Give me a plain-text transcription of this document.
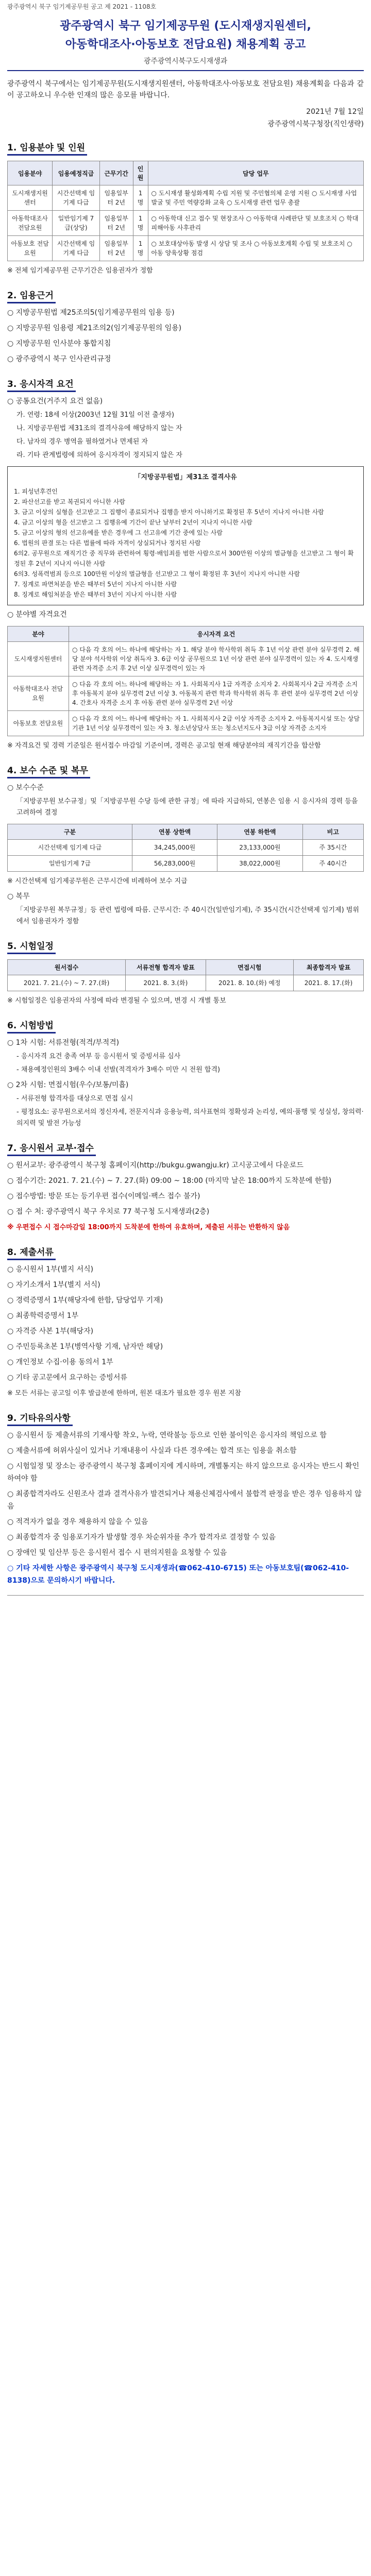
광주광역시 북구 임기제공무원 공고 제 2021 - 1108호
광주광역시 북구 임기제공무원 (도시재생지원센터,
아동학대조사·아동보호 전담요원) 채용계획 공고
광주광역시북구도시재생과
광주광역시 북구에서는 임기제공무원(도시재생지원센터, 아동학대조사·아동보호 전담요원) 채용계획을 다음과 같이 공고하오니 우수한 인재의 많은 응모를 바랍니다.
2021년 7월 12일
광주광역시북구청장(직인생략)
1. 임용분야 및 인원
임용분야	임용예정직급	근무기간	인원	담당 업무
도시재생지원센터	시간선택제 임기제 다급	임용일부터 2년	1명	○ 도시재생 활성화계획 수립 지원 및 주민협의체 운영 지원 ○ 도시재생 사업 발굴 및 주민 역량강화 교육 ○ 도시재생 관련 업무 총괄
아동학대조사 전담요원	일반임기제 7급(상당)	임용일부터 2년	1명	○ 아동학대 신고 접수 및 현장조사 ○ 아동학대 사례판단 및 보호조치 ○ 학대피해아동 사후관리
아동보호 전담요원	시간선택제 임기제 다급	임용일부터 2년	1명	○ 보호대상아동 발생 시 상담 및 조사 ○ 아동보호계획 수립 및 보호조치 ○ 아동 양육상황 점검
※ 전체 임기제공무원 근무기간은 임용권자가 정함
2. 임용근거
○ 지방공무원법 제25조의5(임기제공무원의 임용 등)
○ 지방공무원 임용령 제21조의2(임기제공무원의 임용)
○ 지방공무원 인사분야 통합지침
○ 광주광역시 북구 인사관리규정
3. 응시자격 요건
○ 공통요건(거주지 요건 없음)
가. 연령: 18세 이상(2003년 12월 31일 이전 출생자)
나. 지방공무원법 제31조의 결격사유에 해당하지 않는 자
다. 남자의 경우 병역을 필하였거나 면제된 자
라. 기타 관계법령에 의하여 응시자격이 정지되지 않은 자
「지방공무원법」제31조 결격사유
1. 피성년후견인
2. 파산선고를 받고 복권되지 아니한 사람
3. 금고 이상의 실형을 선고받고 그 집행이 종료되거나 집행을 받지 아니하기로 확정된 후 5년이 지나지 아니한 사람
4. 금고 이상의 형을 선고받고 그 집행유예 기간이 끝난 날부터 2년이 지나지 아니한 사람
5. 금고 이상의 형의 선고유예를 받은 경우에 그 선고유예 기간 중에 있는 사람
6. 법원의 판결 또는 다른 법률에 따라 자격이 상실되거나 정지된 사람
6의2. 공무원으로 재직기간 중 직무와 관련하여 횡령·배임죄를 범한 사람으로서 300만원 이상의 벌금형을 선고받고 그 형이 확정된 후 2년이 지나지 아니한 사람
6의3. 성폭력범죄 등으로 100만원 이상의 벌금형을 선고받고 그 형이 확정된 후 3년이 지나지 아니한 사람
7. 징계로 파면처분을 받은 때부터 5년이 지나지 아니한 사람
8. 징계로 해임처분을 받은 때부터 3년이 지나지 아니한 사람
○ 분야별 자격요건
분야	응시자격 요건
도시재생지원센터	○ 다음 각 호의 어느 하나에 해당하는 자 1. 해당 분야 학사학위 취득 후 1년 이상 관련 분야 실무경력 2. 해당 분야 석사학위 이상 취득자 3. 6급 이상 공무원으로 1년 이상 관련 분야 실무경력이 있는 자 4. 도시재생 관련 자격증 소지 후 2년 이상 실무경력이 있는 자
아동학대조사 전담요원	○ 다음 각 호의 어느 하나에 해당하는 자 1. 사회복지사 1급 자격증 소지자 2. 사회복지사 2급 자격증 소지 후 아동복지 분야 실무경력 2년 이상 3. 아동복지 관련 학과 학사학위 취득 후 관련 분야 실무경력 2년 이상 4. 간호사 자격증 소지 후 아동 관련 분야 실무경력 2년 이상
아동보호 전담요원	○ 다음 각 호의 어느 하나에 해당하는 자 1. 사회복지사 2급 이상 자격증 소지자 2. 아동복지시설 또는 상담기관 1년 이상 실무경력이 있는 자 3. 청소년상담사 또는 청소년지도사 3급 이상 자격증 소지자
※ 자격요건 및 경력 기준일은 원서접수 마감일 기준이며, 경력은 공고일 현재 해당분야의 재직기간을 합산함
4. 보수 수준 및 복무
○ 보수수준
「지방공무원 보수규정」및「지방공무원 수당 등에 관한 규정」에 따라 지급하되, 연봉은 임용 시 응시자의 경력 등을 고려하여 결정
구분	연봉 상한액	연봉 하한액	비고
시간선택제 임기제 다급	34,245,000원	23,133,000원	주 35시간
일반임기제 7급	56,283,000원	38,022,000원	주 40시간
※ 시간선택제 임기제공무원은 근무시간에 비례하여 보수 지급
○ 복무
「지방공무원 복무규정」등 관련 법령에 따름. 근무시간: 주 40시간(일반임기제), 주 35시간(시간선택제 임기제) 범위에서 임용권자가 정함
5. 시험일정
원서접수	서류전형 합격자 발표	면접시험	최종합격자 발표
2021. 7. 21.(수) ~ 7. 27.(화)	2021. 8. 3.(화)	2021. 8. 10.(화) 예정	2021. 8. 17.(화)
※ 시험일정은 임용권자의 사정에 따라 변경될 수 있으며, 변경 시 개별 통보
6. 시험방법
○ 1차 시험: 서류전형(적격/부적격)
- 응시자격 요건 충족 여부 등 응시원서 및 증빙서류 심사
- 채용예정인원의 3배수 이내 선발(적격자가 3배수 미만 시 전원 합격)
○ 2차 시험: 면접시험(우수/보통/미흡)
- 서류전형 합격자를 대상으로 면접 실시
- 평정요소: 공무원으로서의 정신자세, 전문지식과 응용능력, 의사표현의 정확성과 논리성, 예의·품행 및 성실성, 창의력·의지력 및 발전 가능성
7. 응시원서 교부·접수
○ 원서교부: 광주광역시 북구청 홈페이지(http://bukgu.gwangju.kr) 고시공고에서 다운로드
○ 접수기간: 2021. 7. 21.(수) ~ 7. 27.(화) 09:00 ~ 18:00 (마지막 날은 18:00까지 도착분에 한함)
○ 접수방법: 방문 또는 등기우편 접수(이메일·팩스 접수 불가)
○ 접 수 처: 광주광역시 북구 우치로 77 북구청 도시재생과(2층)
※ 우편접수 시 접수마감일 18:00까지 도착분에 한하여 유효하며, 제출된 서류는 반환하지 않음
8. 제출서류
○ 응시원서 1부(별지 서식)
○ 자기소개서 1부(별지 서식)
○ 경력증명서 1부(해당자에 한함, 담당업무 기재)
○ 최종학력증명서 1부
○ 자격증 사본 1부(해당자)
○ 주민등록초본 1부(병역사항 기재, 남자만 해당)
○ 개인정보 수집·이용 동의서 1부
○ 기타 공고문에서 요구하는 증빙서류
※ 모든 서류는 공고일 이후 발급분에 한하며, 원본 대조가 필요한 경우 원본 지참
9. 기타유의사항
○ 응시원서 등 제출서류의 기재사항 착오, 누락, 연락불능 등으로 인한 불이익은 응시자의 책임으로 함
○ 제출서류에 허위사실이 있거나 기재내용이 사실과 다른 경우에는 합격 또는 임용을 취소함
○ 시험일정 및 장소는 광주광역시 북구청 홈페이지에 게시하며, 개별통지는 하지 않으므로 응시자는 반드시 확인하여야 함
○ 최종합격자라도 신원조사 결과 결격사유가 발견되거나 채용신체검사에서 불합격 판정을 받은 경우 임용하지 않음
○ 적격자가 없을 경우 채용하지 않을 수 있음
○ 최종합격자 중 임용포기자가 발생할 경우 차순위자를 추가 합격자로 결정할 수 있음
○ 장애인 및 임산부 등은 응시원서 접수 시 편의지원을 요청할 수 있음
○ 기타 자세한 사항은 광주광역시 북구청 도시재생과(☎062-410-6715) 또는 아동보호팀(☎062-410-8138)으로 문의하시기 바랍니다.
